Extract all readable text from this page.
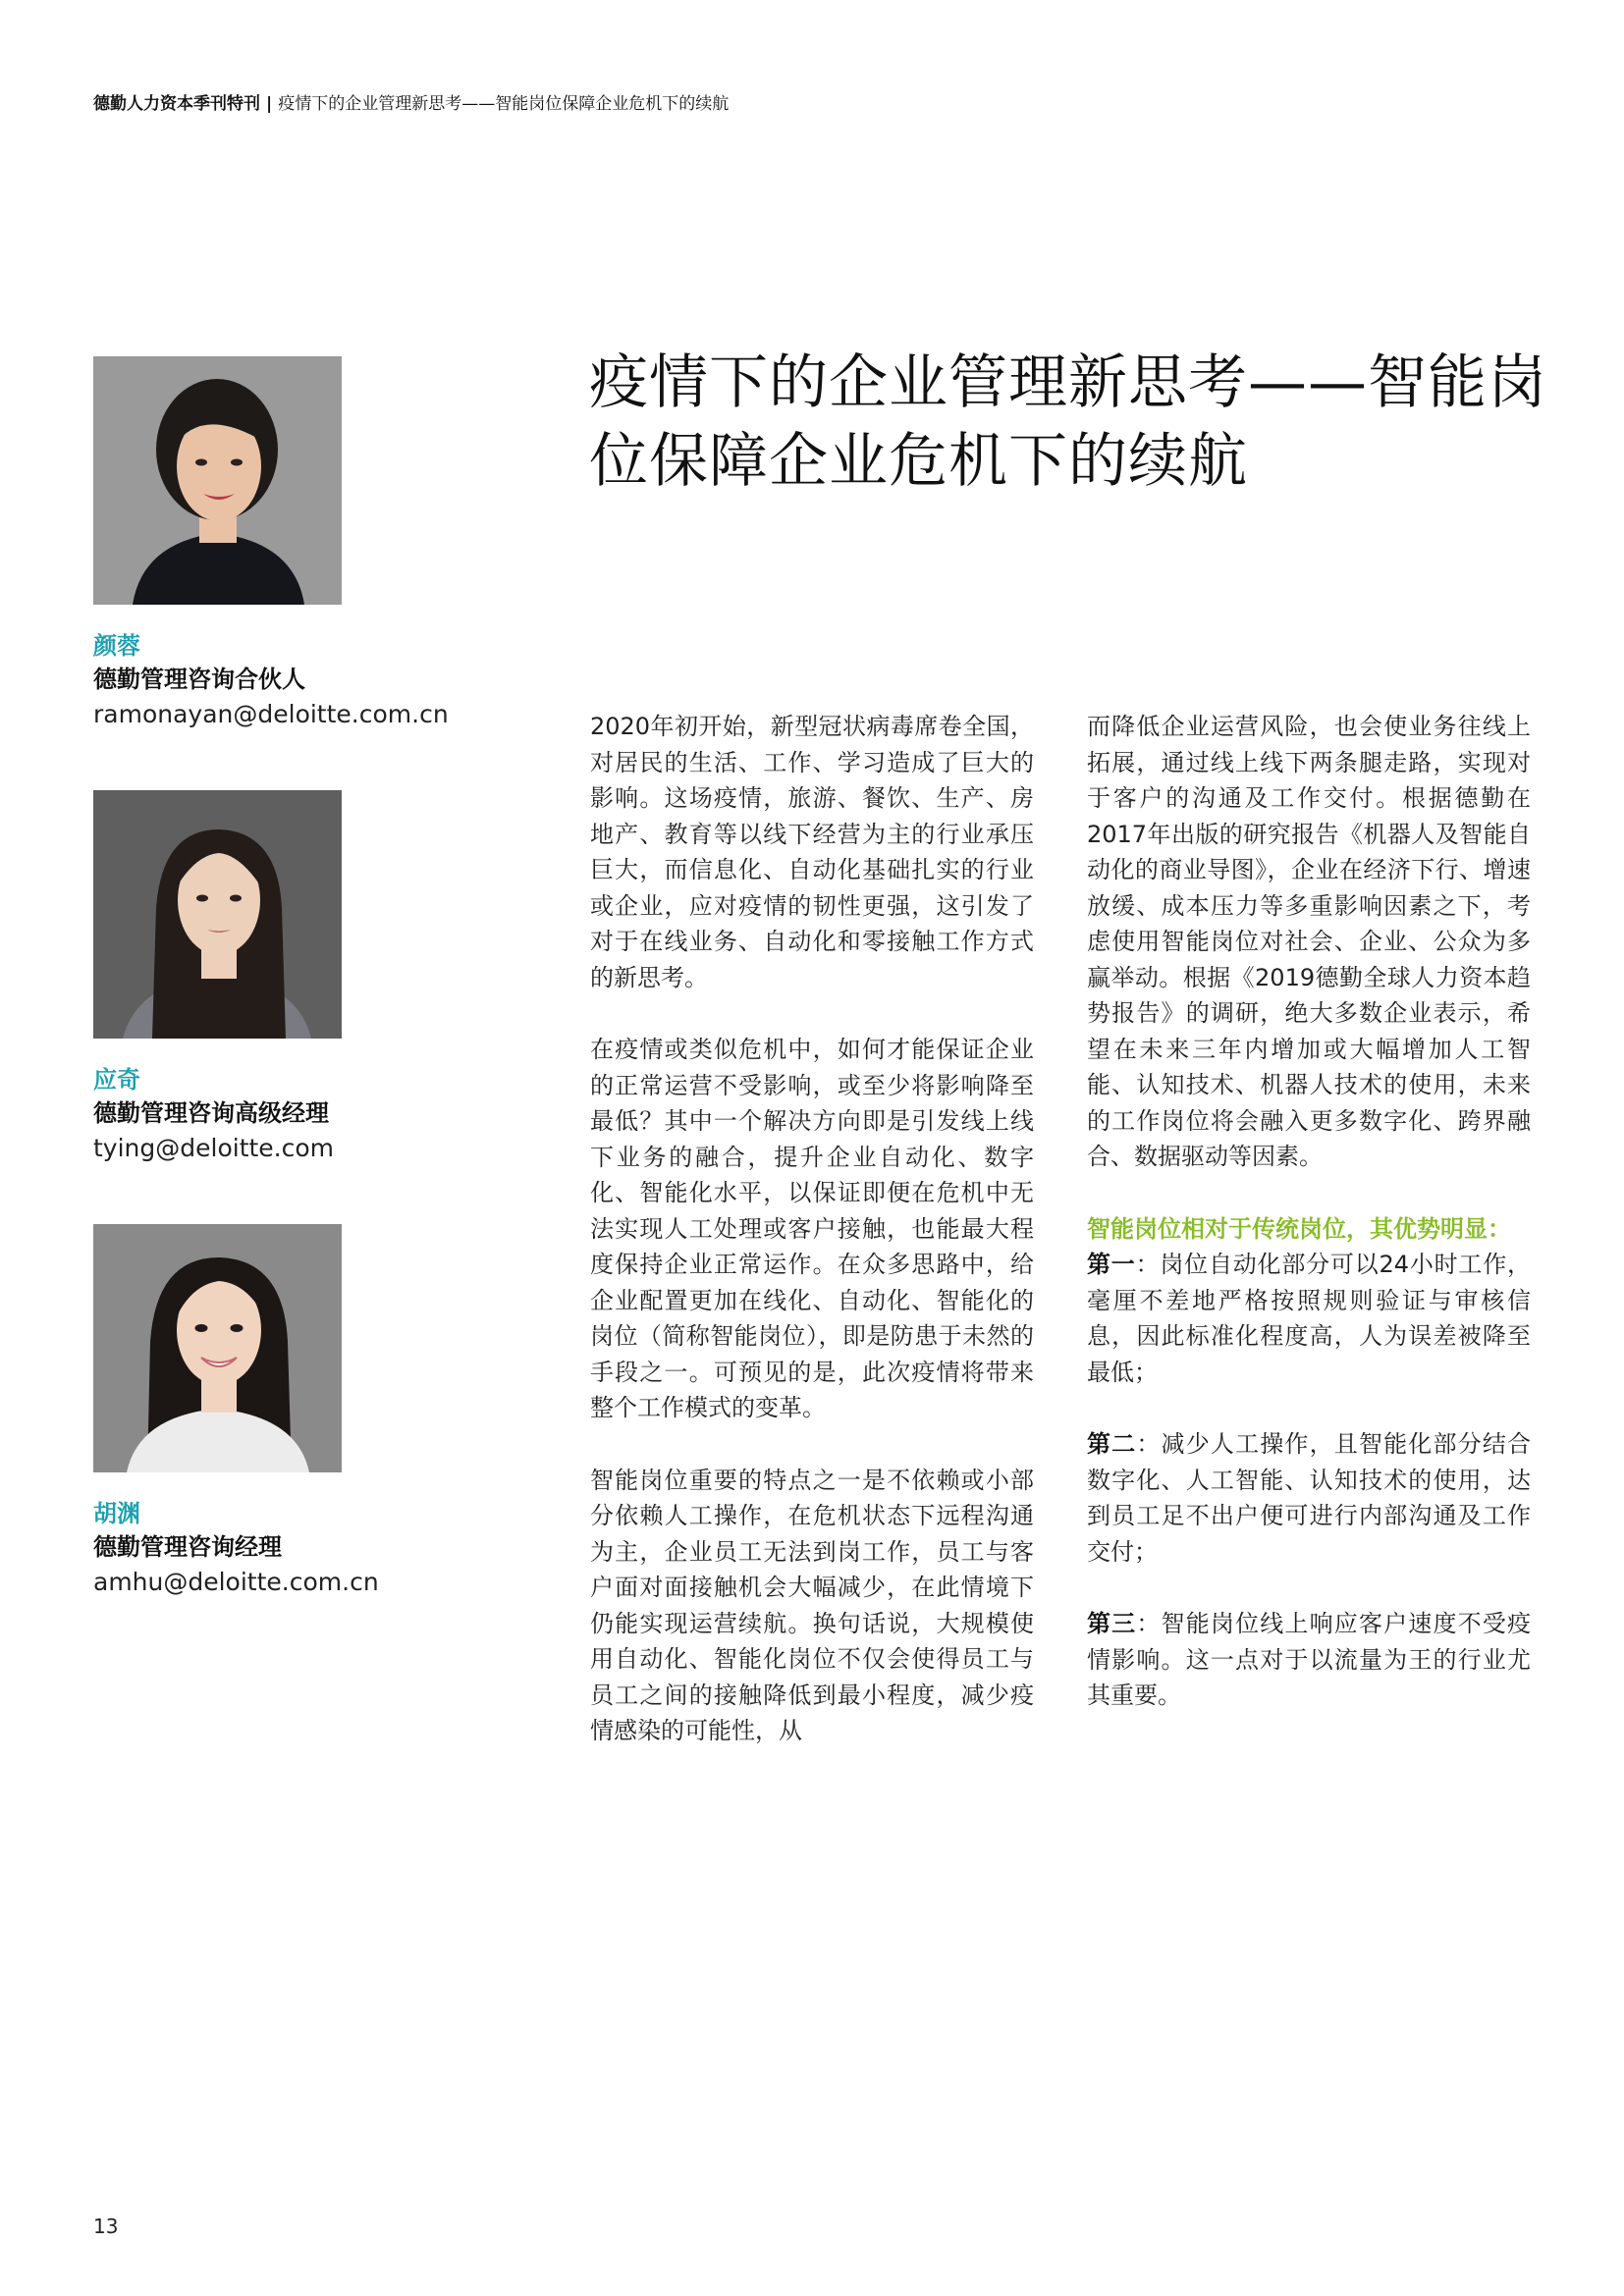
德勤人力资本季刊特刊 | 疫情下的企业管理新思考——智能岗位保障企业危机下的续航
疫情下的企业管理新思考——智能岗位保障企业危机下的续航
颜蓉
德勤管理咨询合伙人
ramonayan@deloitte.com.cn
应奇
德勤管理咨询高级经理
tying@deloitte.com
胡渊
德勤管理咨询经理
amhu@deloitte.com.cn

2020年初开始，新型冠状病毒席卷全国，对居民的生活、工作、学习造成了巨大的影响。这场疫情，旅游、餐饮、生产、房地产、教育等以线下经营为主的行业承压巨大，而信息化、自动化基础扎实的行业或企业，应对疫情的韧性更强，这引发了对于在线业务、自动化和零接触工作方式的新思考。

在疫情或类似危机中，如何才能保证企业的正常运营不受影响，或至少将影响降至最低？其中一个解决方向即是引发线上线下业务的融合，提升企业自动化、数字化、智能化水平，以保证即便在危机中无法实现人工处理或客户接触，也能最大程度保持企业正常运作。在众多思路中，给企业配置更加在线化、自动化、智能化的岗位（简称智能岗位），即是防患于未然的手段之一。可预见的是，此次疫情将带来整个工作模式的变革。

智能岗位重要的特点之一是不依赖或小部分依赖人工操作，在危机状态下远程沟通为主，企业员工无法到岗工作，员工与客户面对面接触机会大幅减少，在此情境下仍能实现运营续航。换句话说，大规模使用自动化、智能化岗位不仅会使得员工与员工之间的接触降低到最小程度，减少疫情感染的可能性，从

而降低企业运营风险，也会使业务往线上拓展，通过线上线下两条腿走路，实现对于客户的沟通及工作交付。根据德勤在2017年出版的研究报告《机器人及智能自动化的商业导图》，企业在经济下行、增速放缓、成本压力等多重影响因素之下，考虑使用智能岗位对社会、企业、公众为多赢举动。根据《2019德勤全球人力资本趋势报告》的调研，绝大多数企业表示，希望在未来三年内增加或大幅增加人工智能、认知技术、机器人技术的使用，未来的工作岗位将会融入更多数字化、跨界融合、数据驱动等因素。

智能岗位相对于传统岗位，其优势明显：

第一：岗位自动化部分可以24小时工作，毫厘不差地严格按照规则验证与审核信息，因此标准化程度高，人为误差被降至最低；

第二：减少人工操作，且智能化部分结合数字化、人工智能、认知技术的使用，达到员工足不出户便可进行内部沟通及工作交付；

第三：智能岗位线上响应客户速度不受疫情影响。这一点对于以流量为王的行业尤其重要。

13
